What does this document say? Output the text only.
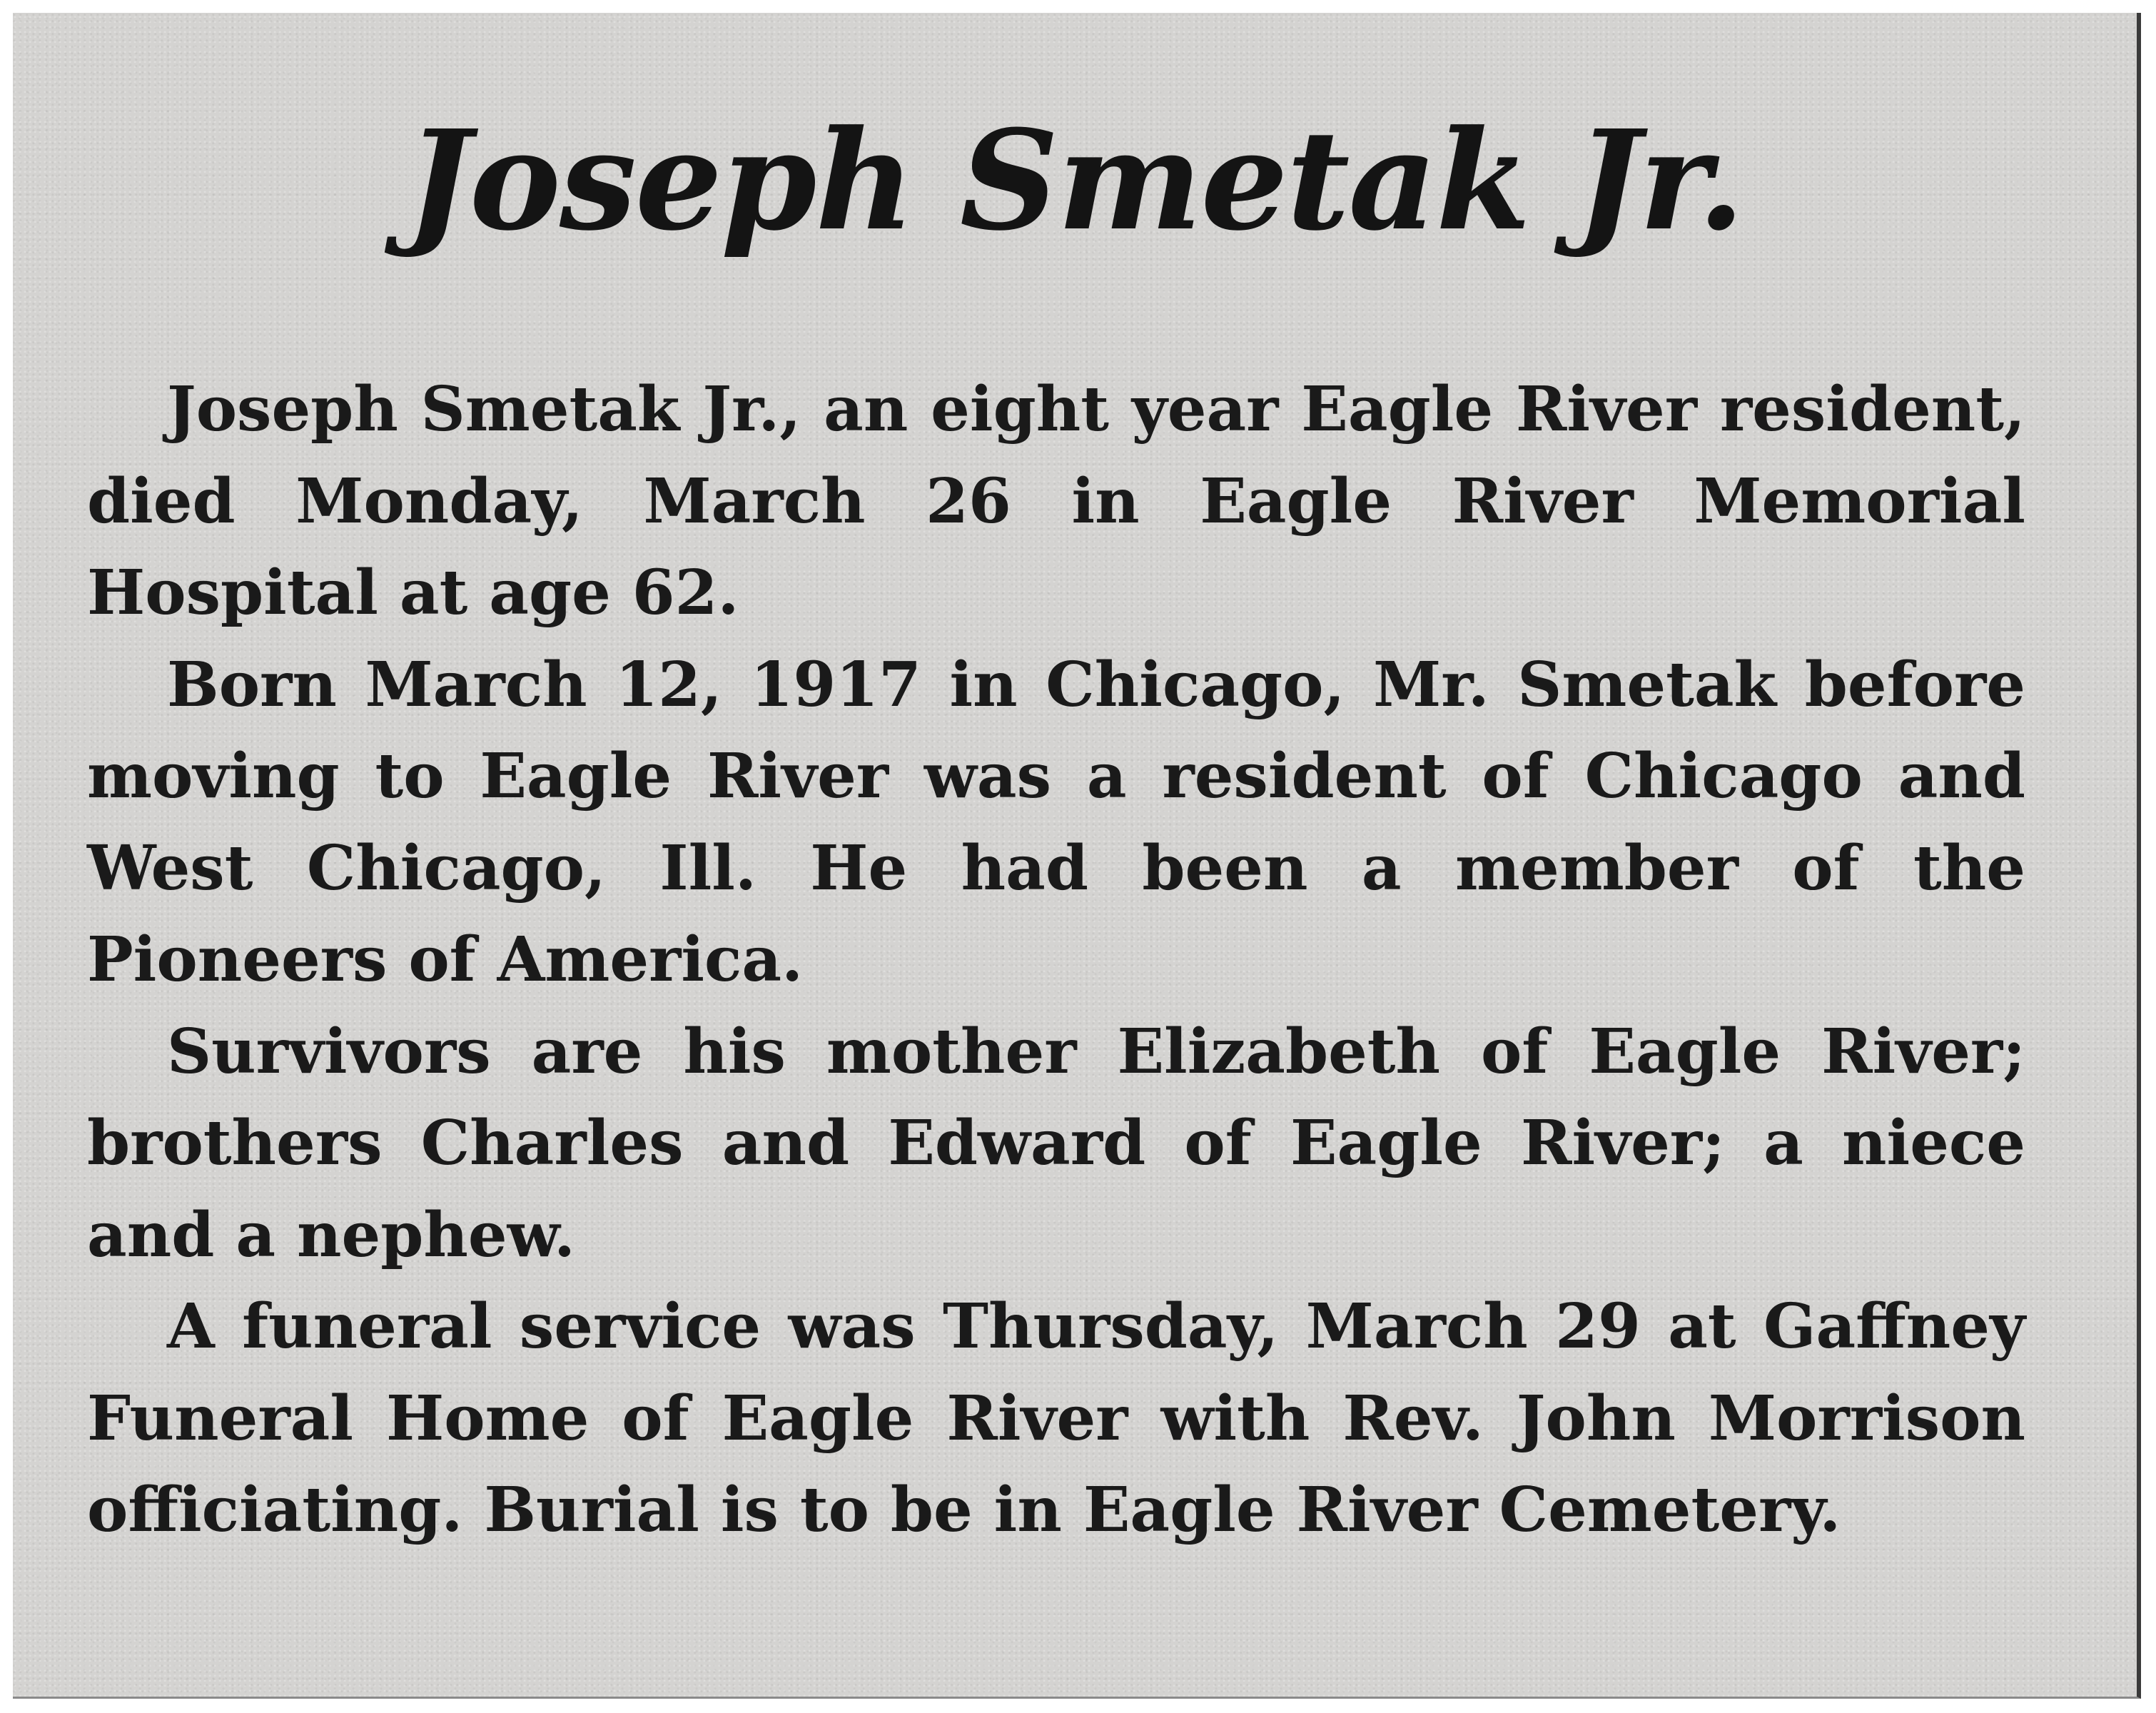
Joseph Smetak Jr.

Joseph Smetak Jr., an eight year Eagle River resident, died Monday, March 26 in Eagle River Memorial Hospital at age 62.

Born March 12, 1917 in Chicago, Mr. Smetak before moving to Eagle River was a resident of Chicago and West Chicago, Ill. He had been a member of the Pioneers of America.

Survivors are his mother Elizabeth of Eagle River; brothers Charles and Edward of Eagle River; a niece and a nephew.

A funeral service was Thursday, March 29 at Gaffney Funeral Home of Eagle River with Rev. John Morrison officiating. Burial is to be in Eagle River Cemetery.
